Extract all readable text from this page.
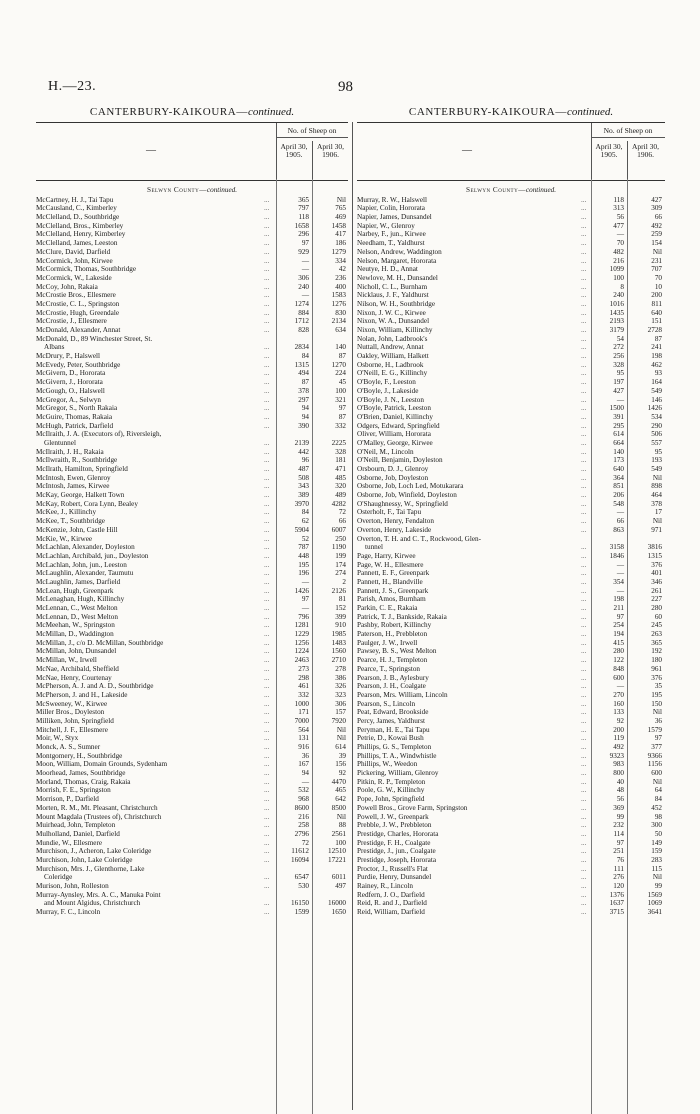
H.—23.	98
CANTERBURY-KAIKOURA—continued.
—
No. of Sheep on
April 30, 1905.
April 30, 1906.
Selwyn County—continued.
McCartney, H. J., Tai Tapu	...	365	Nil
McCausland, C., Kimberley	...	797	765
McClelland, D., Southbridge	...	118	469
McClelland, Bros., Kimberley	...	1658	1458
McClelland, Henry, Kimberley	...	296	417
McClelland, James, Leeston	...	97	186
McClure, David, Darfield	...	929	1279
McCormick, John, Kirwee	...	—	334
McCormick, Thomas, Southbridge	...	—	42
McCormick, W., Lakeside	...	306	236
McCoy, John, Rakaia	...	240	400
McCrostie Bros., Ellesmere	...	—	1583
McCrostie, C. L., Springston	...	1274	1276
McCrostie, Hugh, Greendale	...	884	830
McCrostie, J., Ellesmere	...	1712	2134
McDonald, Alexander, Annat	...	828	634
McDonald, D., 89 Winchester Street, St.
Albans	...	2834	140
McDrury, P., Halswell	...	84	87
McEvedy, Peter, Southbridge	...	1315	1270
McGivern, D., Hororata	...	494	224
McGivern, J., Hororata	...	87	45
McGough, O., Halswell	...	378	100
McGregor, A., Selwyn	...	297	321
McGregor, S., North Rakaia	...	94	97
McGuire, Thomas, Rakaia	...	94	87
McHugh, Patrick, Darfield	...	390	332
McIlraith, J. A. (Executors of), Riversleigh,
Glentunnel	...	2139	2225
McIlraith, J. H., Rakaia	...	442	328
McIlwraith, R., Southbridge	...	96	181
McIlrath, Hamilton, Springfield	...	487	471
McIntosh, Ewen, Glenroy	...	508	485
McIntosh, James, Kirwee	...	343	320
McKay, George, Halkett Town	...	389	489
McKay, Robert, Cora Lynn, Bealey	...	3970	4282
McKee, J., Killinchy	...	84	72
McKee, T., Southbridge	...	62	66
McKenzie, John, Castle Hill	...	5904	6007
McKie, W., Kirwee	...	52	250
McLachlan, Alexander, Doyleston	...	787	1190
McLachlan, Archibald, jun., Doyleston	...	448	199
McLachlan, John, jun., Leeston	...	195	174
McLaughlin, Alexander, Taumutu	...	196	274
McLaughlin, James, Darfield	...	—	2
McLean, Hugh, Greenpark	...	1426	2126
McLenaghan, Hugh, Killinchy	...	97	81
McLennan, C., West Melton	...	—	152
McLennan, D., West Melton	...	796	399
McMeehan, W., Springston	...	1281	910
McMillan, D., Waddington	...	1229	1985
McMillan, J., c/o D. McMillan, Southbridge	...	1256	1483
McMillan, John, Dunsandel	...	1224	1560
McMillan, W., Irwell	...	2463	2710
McNae, Archibald, Sheffield	...	273	278
McNae, Henry, Courtenay	...	298	386
McPherson, A. J. and A. D., Southbridge	...	461	326
McPherson, J. and H., Lakeside	...	332	323
McSweeney, W., Kirwee	...	1000	306
Miller Bros., Doyleston	...	171	157
Milliken, John, Springfield	...	7000	7920
Mitchell, J. F., Ellesmere	...	564	Nil
Moir, W., Styx	...	131	Nil
Monck, A. S., Sumner	...	916	614
Montgomery, H., Southbridge	...	36	39
Moon, William, Domain Grounds, Sydenham	...	167	156
Moorhead, James, Southbridge	...	94	92
Morland, Thomas, Craig, Rakaia	...	—	4470
Morrish, F. E., Springston	...	532	465
Morrison, P., Darfield	...	968	642
Morten, R. M., Mt. Pleasant, Christchurch	...	8600	8500
Mount Magdala (Trustees of), Christchurch	...	216	Nil
Muirhead, John, Templeton	...	258	88
Mulholland, Daniel, Darfield	...	2796	2561
Mundie, W., Ellesmere	...	72	100
Murchison, J., Acheron, Lake Coleridge	...	11612	12510
Murchison, John, Lake Coleridge	...	16094	17221
Murchison, Mrs. J., Glenthorne, Lake
Coleridge	...	6547	6011
Murison, John, Rolleston	...	530	497
Murray-Aynsley, Mrs. A. C., Manuka Point
and Mount Algidus, Christchurch	...	16150	16000
Murray, F. C., Lincoln	...	1599	1650
CANTERBURY-KAIKOURA—continued.
—
No. of Sheep on
April 30, 1905.
April 30, 1906.
Selwyn County—continued.
Murray, R. W., Halswell	...	118	427
Napier, Colin, Hororata	...	313	309
Napier, James, Dunsandel	...	56	66
Napier, W., Glenroy	...	477	492
Narbey, F., jun., Kirwee	...	—	259
Needham, T., Yaldhurst	...	70	154
Nelson, Andrew, Waddington	...	482	Nil
Nelson, Margaret, Hororata	...	216	231
Neutye, H. D., Annat	...	1099	707
Newlove, M. H., Dunsandel	...	100	70
Nicholl, C. L., Burnham	...	8	10
Nicklaus, J. F., Yaldhurst	...	240	200
Nilson, W. H., Southbridge	...	1016	811
Nixon, J. W. C., Kirwee	...	1435	640
Nixon, W. A., Dunsandel	...	2193	151
Nixon, William, Killinchy	...	3179	2728
Nolan, John, Ladbrook's	...	54	87
Nuttall, Andrew, Annat	...	272	241
Oakley, William, Halkett	...	256	198
Osborne, H., Ladbrook	...	328	462
O'Neill, E. G., Killinchy	...	95	93
O'Boyle, F., Leeston	...	197	164
O'Boyle, J., Lakeside	...	427	549
O'Boyle, J. N., Leeston	...	—	146
O'Boyle, Patrick, Leeston	...	1500	1426
O'Brien, Daniel, Killinchy	...	391	534
Odgers, Edward, Springfield	...	295	290
Oliver, William, Hororata	...	614	506
O'Malley, George, Kirwee	...	664	557
O'Neil, M., Lincoln	...	140	95
O'Neill, Benjamin, Doyleston	...	173	193
Orsbourn, D. J., Glenroy	...	640	549
Osborne, Job, Doyleston	...	364	Nil
Osborne, Job, Loch Led, Motukarara	...	851	898
Osborne, Job, Winfield, Doyleston	...	206	464
O'Shaughnessy, W., Springfield	...	548	378
Osterholt, F., Tai Tapu	...	—	17
Overton, Henry, Fendalton	...	66	Nil
Overton, Henry, Lakeside	...	863	971
Overton, T. H. and C. T., Rockwood, Glen-
tunnel	...	3158	3816
Page, Harry, Kirwee	...	1846	1315
Page, W. H., Ellesmere	...	—	376
Pannett, E. F., Greenpark	...	—	401
Pannett, H., Blandville	...	354	346
Pannett, J. S., Greenpark	...	—	261
Parish, Amos, Burnham	...	198	227
Parkin, C. E., Rakaia	...	211	280
Patrick, T. J., Bankside, Rakaia	...	97	60
Pashby, Robert, Killinchy	...	254	245
Paterson, H., Prebbleton	...	194	263
Paulger, J. W., Irwell	...	415	365
Pawsey, B. S., West Melton	...	280	192
Pearce, H. J., Templeton	...	122	180
Pearce, T., Springston	...	848	961
Pearson, J. B., Aylesbury	...	600	376
Pearson, J. H., Coalgate	...	—	35
Pearson, Mrs. William, Lincoln	...	270	195
Pearson, S., Lincoln	...	160	150
Peat, Edward, Brookside	...	133	Nil
Percy, James, Yaldhurst	...	92	36
Peryman, H. E., Tai Tapu	...	200	1579
Petrie, D., Kowai Bush	...	119	97
Phillips, G. S., Templeton	...	492	377
Phillips, T. A., Windwhistle	...	9323	9366
Phillips, W., Weedon	...	983	1156
Pickering, William, Glenroy	...	800	600
Pitkin, R. P., Templeton	...	40	Nil
Poole, G. W., Killinchy	...	48	64
Pope, John, Springfield	...	56	84
Powell Bros., Grove Farm, Springston	...	369	452
Powell, J. W., Greenpark	...	99	98
Prebble, J. W., Prebbleton	...	232	300
Prestidge, Charles, Hororata	...	114	50
Prestidge, F. H., Coalgate	...	97	149
Prestidge, J., jun., Coalgate	...	251	159
Prestidge, Joseph, Hororata	...	76	283
Proctor, J., Russell's Flat	...	111	115
Purdie, Henry, Dunsandel	...	276	Nil
Rainey, R., Lincoln	...	120	99
Redfern, J. O., Darfield	...	1376	1569
Reid, R. and J., Darfield	...	1637	1069
Reid, William, Darfield	...	3715	3641
